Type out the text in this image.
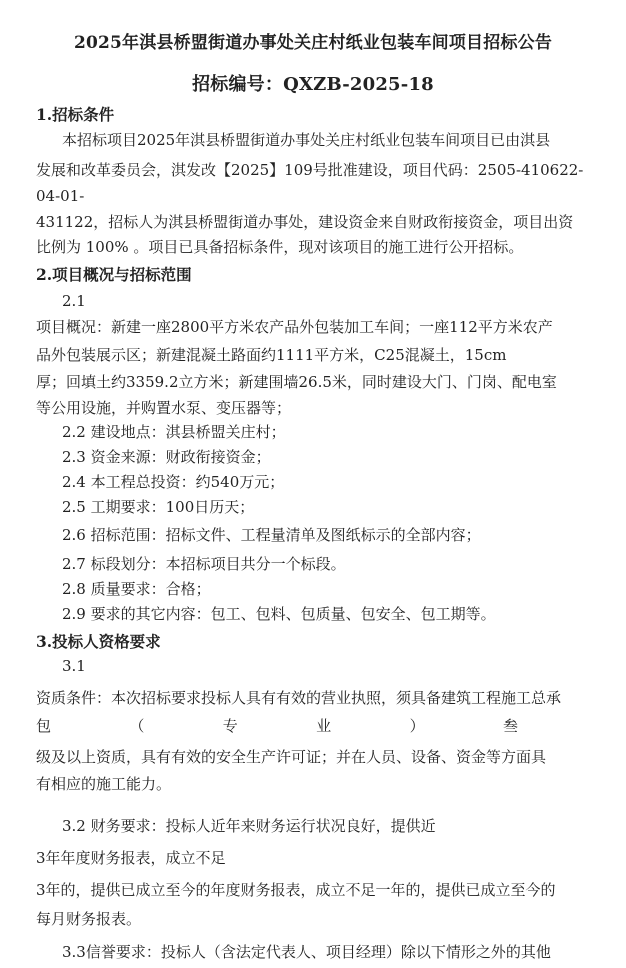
2025年淇县桥盟街道办事处关庄村纸业包装车间项目招标公告
招标编号：QXZB-2025-18
1.招标条件
本招标项目2025年淇县桥盟街道办事处关庄村纸业包装车间项目已由淇县
发展和改革委员会，淇发改【2025】109号批准建设，项目代码：2505-410622-
04-01-
431122，招标人为淇县桥盟街道办事处，建设资金来自财政衔接资金，项目出资
比例为 100% 。项目已具备招标条件，现对该项目的施工进行公开招标。
2.项目概况与招标范围
2.1
项目概况：新建一座2800平方米农产品外包装加工车间；一座112平方米农产
品外包装展示区；新建混凝土路面约1111平方米，C25混凝土，15cm
厚；回填土约3359.2立方米；新建围墙26.5米，同时建设大门、门岗、配电室
等公用设施，并购置水泵、变压器等；
2.2 建设地点：淇县桥盟关庄村；
2.3 资金来源：财政衔接资金；
2.4 本工程总投资：约540万元；
2.5 工期要求：100日历天；
2.6 招标范围：招标文件、工程量清单及图纸标示的全部内容；
2.7 标段划分：本招标项目共分一个标段。
2.8 质量要求：合格；
2.9 要求的其它内容：包工、包料、包质量、包安全、包工期等。
3.投标人资格要求
3.1
资质条件：本次招标要求投标人具有有效的营业执照，须具备建筑工程施工总承
包	（	专	业	）	叁
级及以上资质，具有有效的安全生产许可证；并在人员、设备、资金等方面具
有相应的施工能力。
3.2 财务要求：投标人近年来财务运行状况良好，提供近
3年年度财务报表，成立不足
3年的，提供已成立至今的年度财务报表，成立不足一年的，提供已成立至今的
每月财务报表。
3.3信誉要求：投标人（含法定代表人、项目经理）除以下情形之外的其他
